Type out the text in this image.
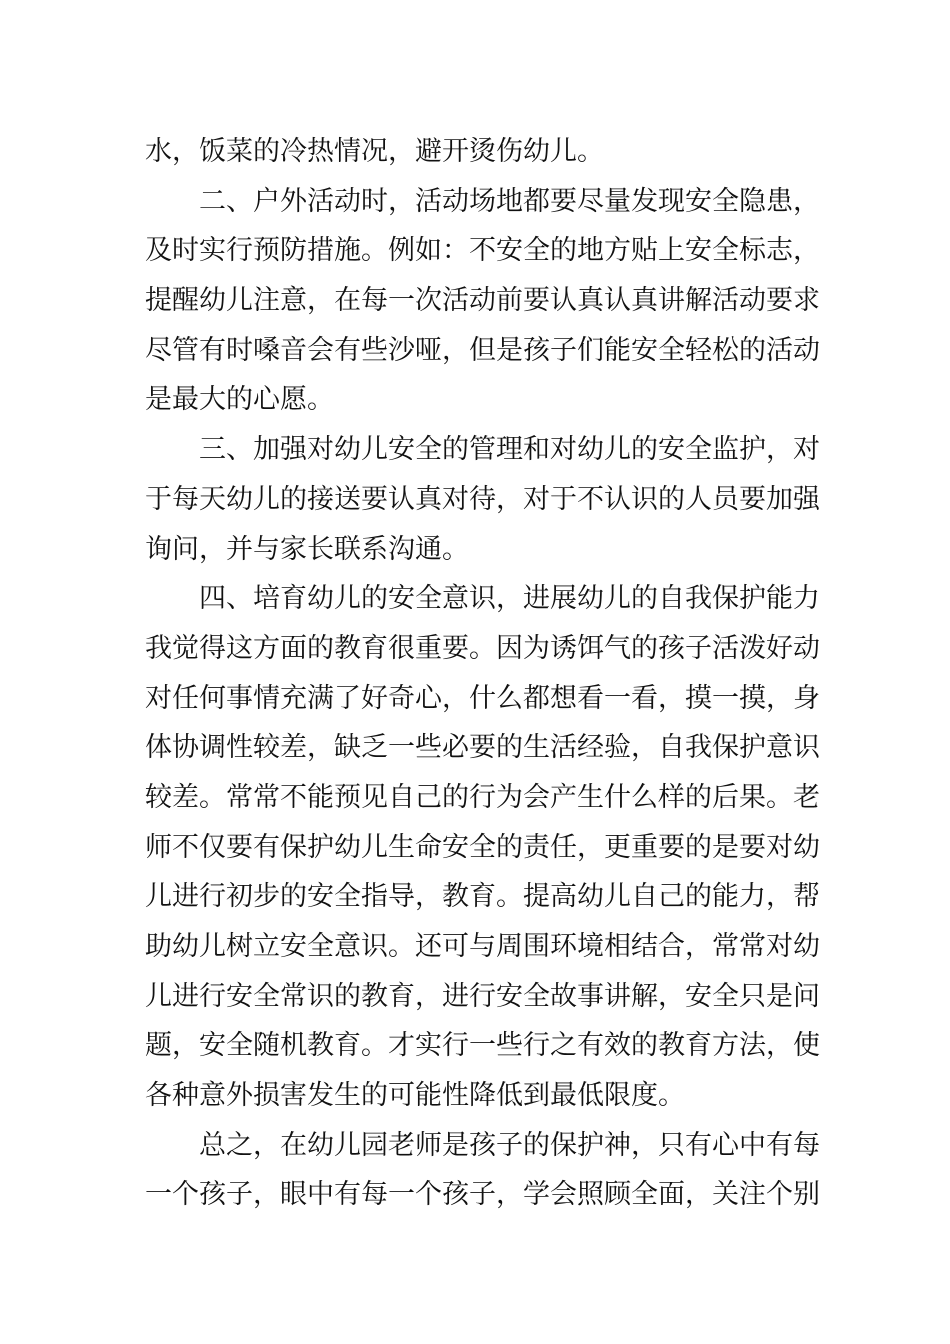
水，饭菜的冷热情况，避开烫伤幼儿。
二、户外活动时，活动场地都要尽量发现安全隐患，
及时实行预防措施。例如：不安全的地方贴上安全标志，
提醒幼儿注意，在每一次活动前要认真认真讲解活动要求
尽管有时嗓音会有些沙哑，但是孩子们能安全轻松的活动
是最大的心愿。
三、加强对幼儿安全的管理和对幼儿的安全监护，对
于每天幼儿的接送要认真对待，对于不认识的人员要加强
询问，并与家长联系沟通。
四、培育幼儿的安全意识，进展幼儿的自我保护能力
我觉得这方面的教育很重要。因为诱饵气的孩子活泼好动
对任何事情充满了好奇心，什么都想看一看，摸一摸，身
体协调性较差，缺乏一些必要的生活经验，自我保护意识
较差。常常不能预见自己的行为会产生什么样的后果。老
师不仅要有保护幼儿生命安全的责任，更重要的是要对幼
儿进行初步的安全指导，教育。提高幼儿自己的能力，帮
助幼儿树立安全意识。还可与周围环境相结合，常常对幼
儿进行安全常识的教育，进行安全故事讲解，安全只是问
题，安全随机教育。才实行一些行之有效的教育方法，使
各种意外损害发生的可能性降低到最低限度。
总之，在幼儿园老师是孩子的保护神，只有心中有每
一个孩子，眼中有每一个孩子，学会照顾全面，关注个别
